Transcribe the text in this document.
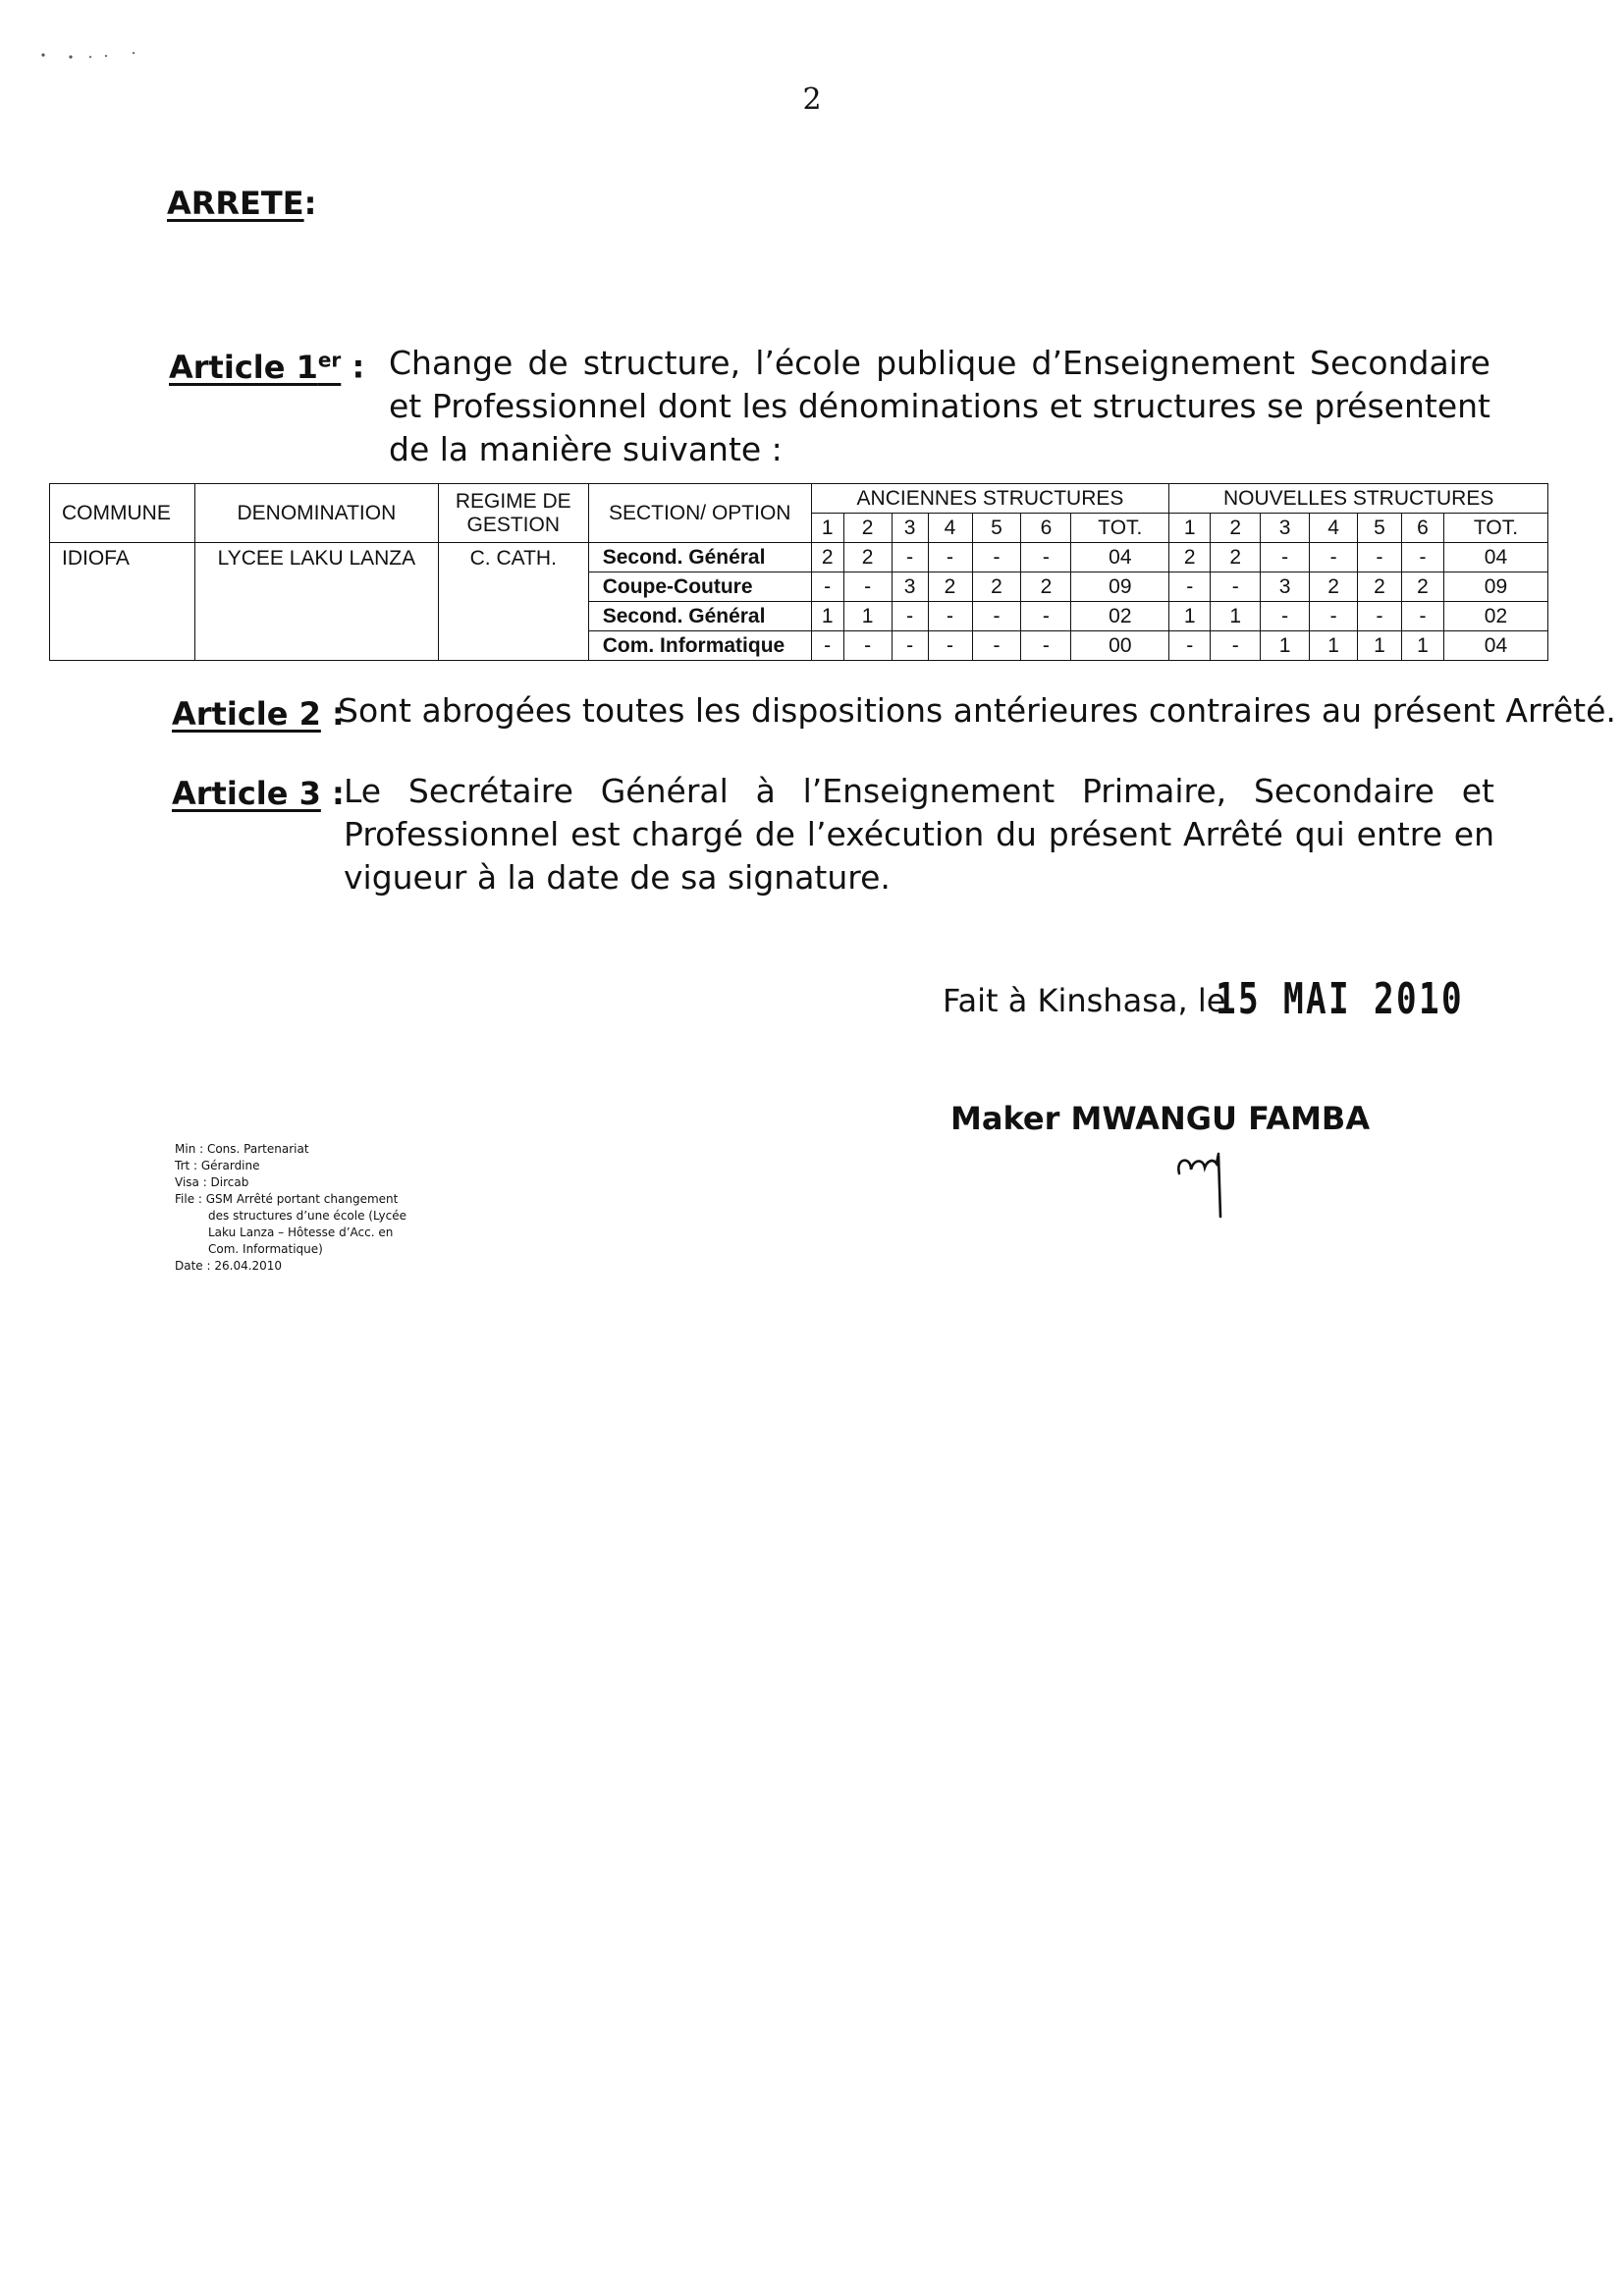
2
ARRETE:
Article 1er : Change de structure, l’école publique d’Enseignement Secondaire et Professionnel dont les dénominations et structures se présentent de la manière suivante :
COMMUNE	DENOMINATION	REGIME DE GESTION	SECTION/ OPTION	ANCIENNES STRUCTURES							NOUVELLES STRUCTURES						
				1	2	3	4	5	6	TOT.	1	2	3	4	5	6	TOT.
IDIOFA	LYCEE LAKU LANZA	C. CATH.	Second. Général	2	2	-	-	-	-	04	2	2	-	-	-	-	04
			Coupe-Couture	-	-	3	2	2	2	09	-	-	3	2	2	2	09
			Second. Général	1	1	-	-	-	-	02	1	1	-	-	-	-	02
			Com. Informatique	-	-	-	-	-	-	00	-	-	1	1	1	1	04
Article 2 :
Sont abrogées toutes les dispositions antérieures contraires au présent Arrêté.
Article 3 : Le Secrétaire Général à l’Enseignement Primaire, Secondaire et Professionnel est chargé de l’exécution du présent Arrêté qui entre en vigueur à la date de sa signature.
Fait à Kinshasa, le
15 MAI 2010
Maker MWANGU FAMBA
Min : Cons. Partenariat
Trt : Gérardine
Visa : Dircab
File : GSM Arrêté portant changement
des structures d’une école (Lycée
Laku Lanza – Hôtesse d’Acc. en
Com. Informatique)
Date : 26.04.2010
